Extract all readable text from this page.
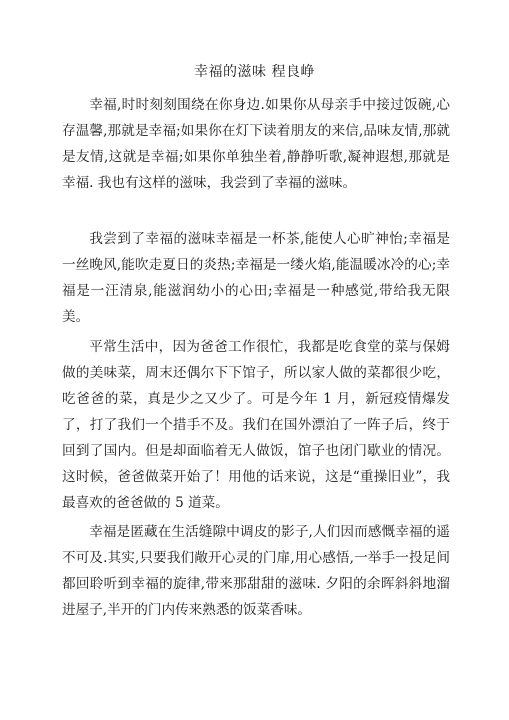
幸福的滋味 程良峥

幸福,时时刻刻围绕在你身边.如果你从母亲手中接过饭碗,心存温馨,那就是幸福;如果你在灯下读着朋友的来信,品味友情,那就是友情,这就是幸福;如果你单独坐着,静静听歌,凝神遐想,那就是幸福. 我也有这样的滋味，我尝到了幸福的滋味。

我尝到了幸福的滋味幸福是一杯茶,能使人心旷神怡;幸福是一丝晚风,能吹走夏日的炎热;幸福是一缕火焰,能温暖冰冷的心;幸福是一汪清泉,能滋润幼小的心田;幸福是一种感觉,带给我无限美。

平常生活中，因为爸爸工作很忙，我都是吃食堂的菜与保姆做的美味菜，周末还偶尔下下馆子，所以家人做的菜都很少吃，吃爸爸的菜，真是少之又少了。可是今年 1 月，新冠疫情爆发了，打了我们一个措手不及。我们在国外漂泊了一阵子后，终于回到了国内。但是却面临着无人做饭，馆子也闭门歇业的情况。这时候，爸爸做菜开始了！用他的话来说，这是“重操旧业”，我最喜欢的爸爸做的 5 道菜。

幸福是匿藏在生活缝隙中调皮的影子,人们因而感慨幸福的遥不可及.其实,只要我们敞开心灵的门扉,用心感悟,一举手一投足间都回聆听到幸福的旋律,带来那甜甜的滋味. 夕阳的余晖斜斜地溜进屋子,半开的门内传来熟悉的饭菜香味。
